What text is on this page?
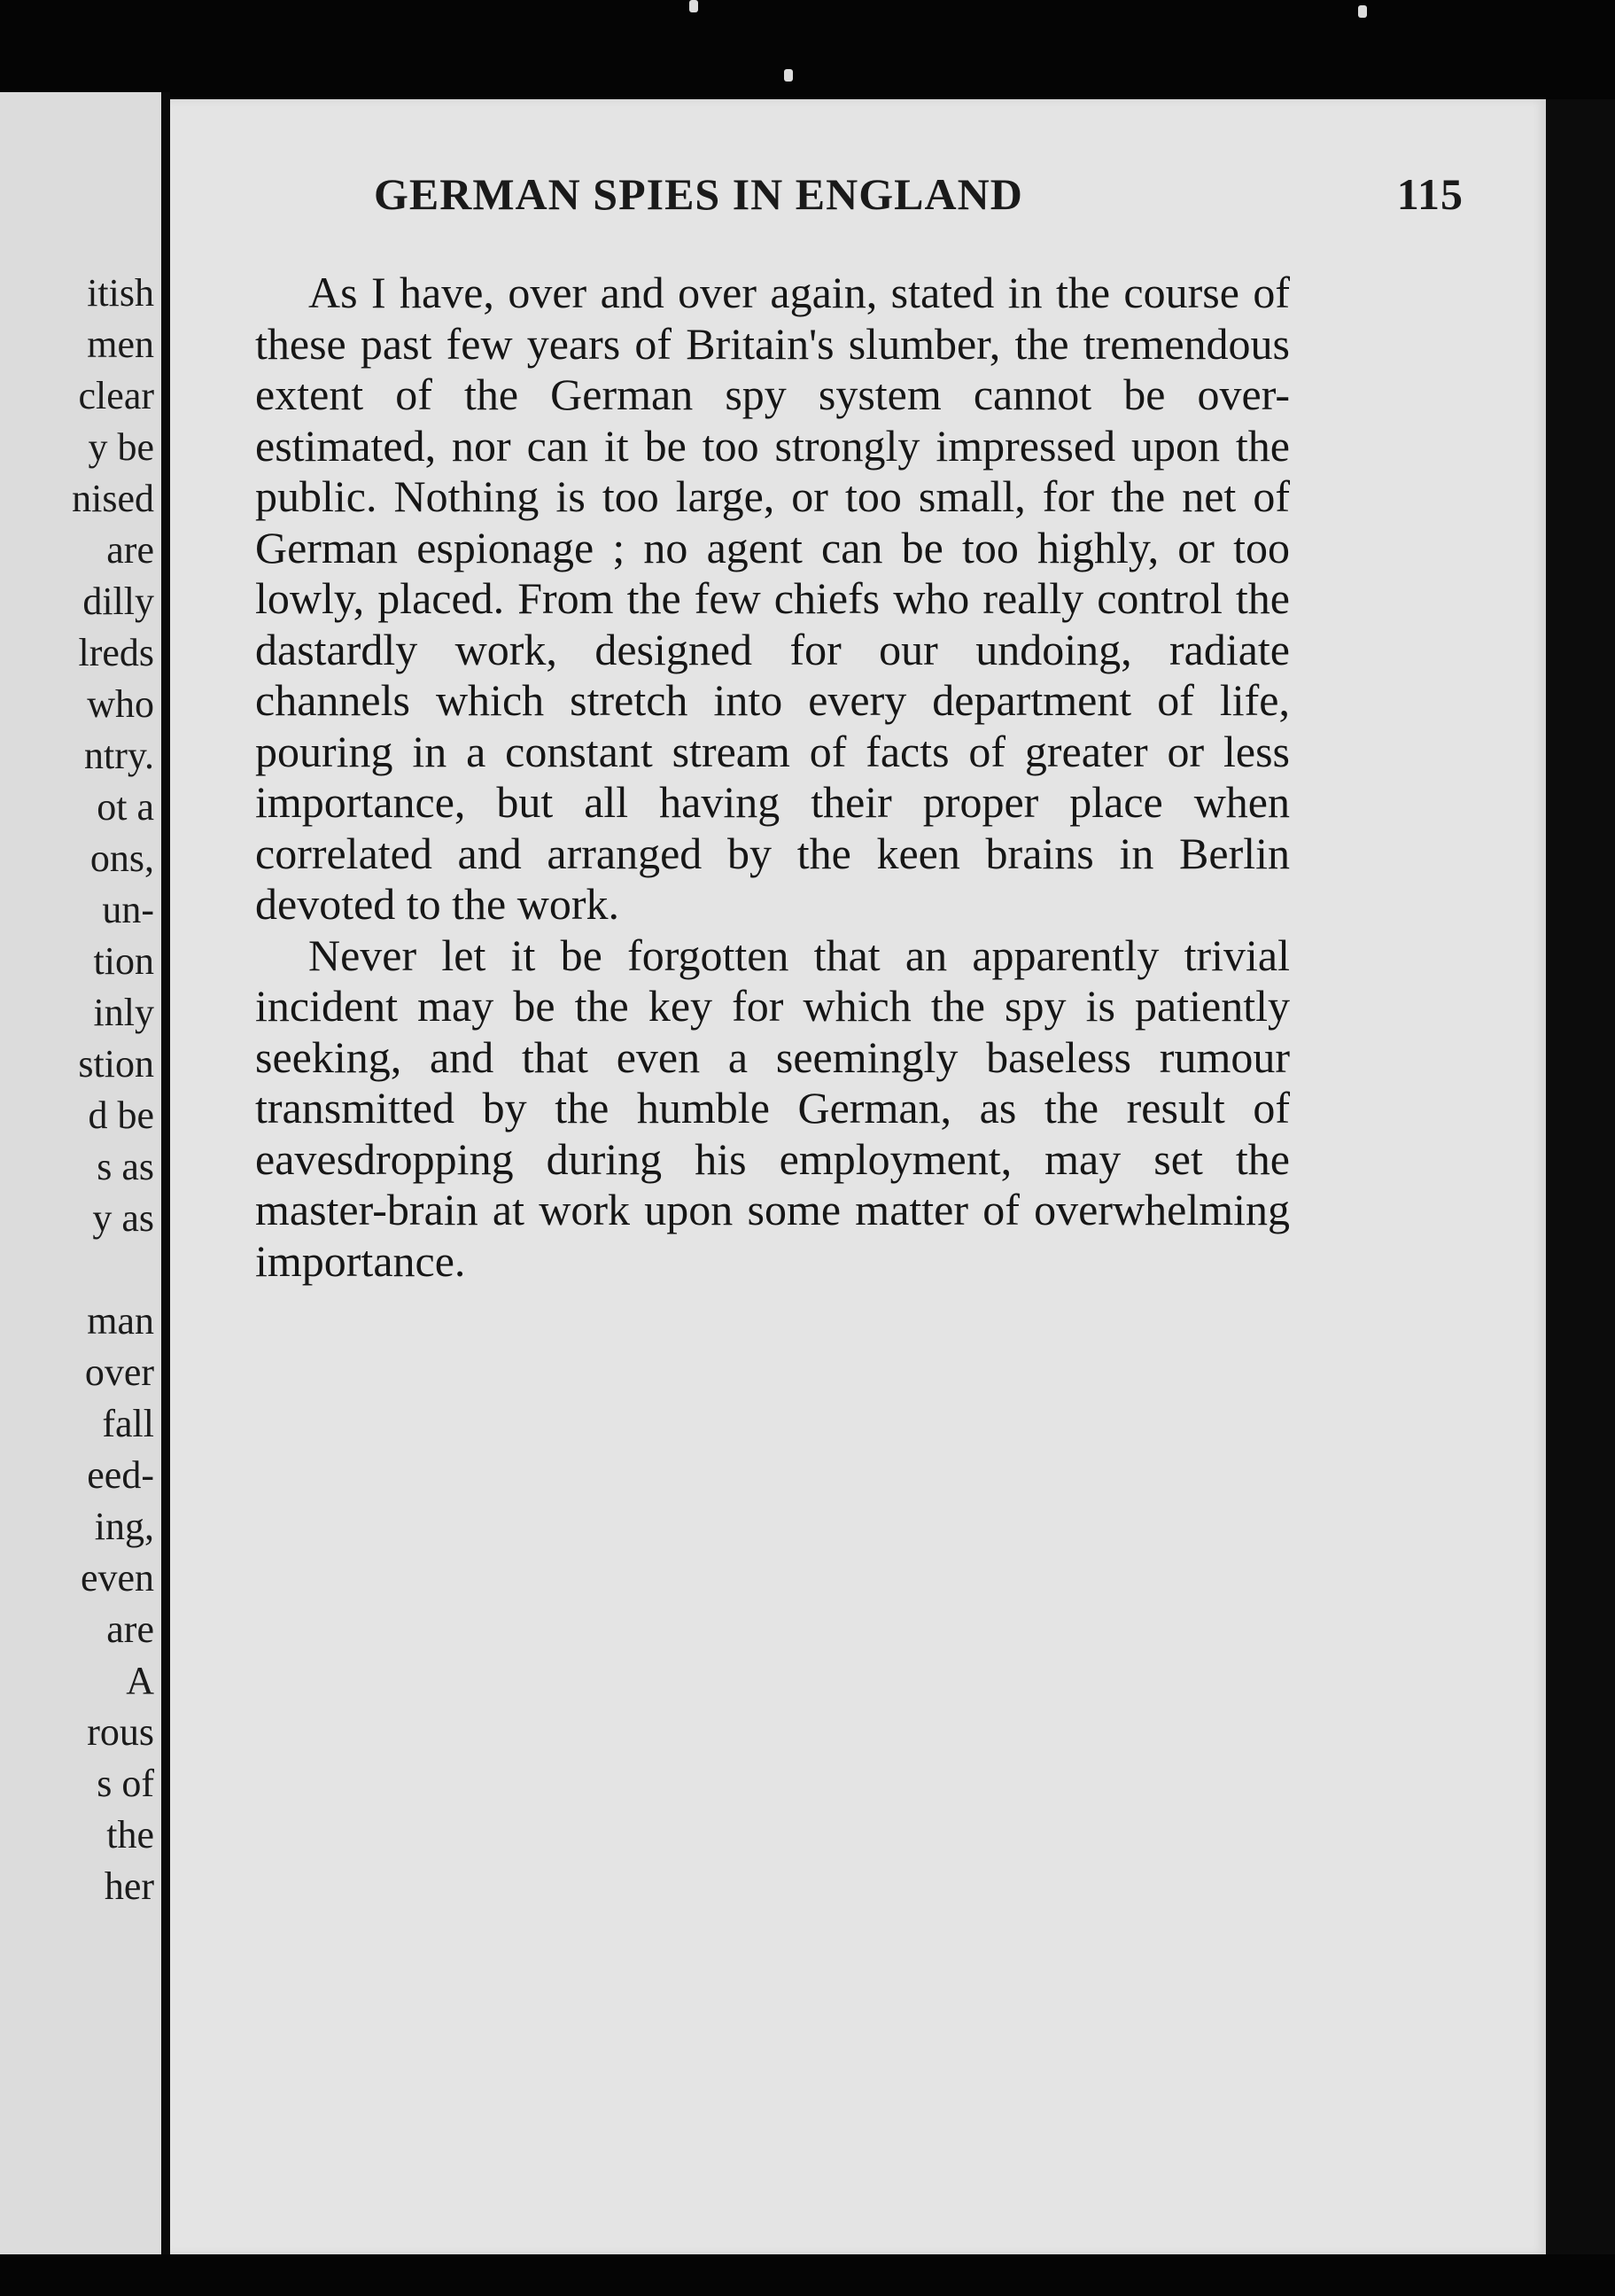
itish
men
clear
y be
nised
are
dilly
lreds
who
ntry.
ot a
ons,
un-
tion
inly
stion
d be
s as
y as
man
over
fall
eed-
ing,
even
are
A
rous
s of
the
her
GERMAN SPIES IN ENGLAND	115

As I have, over and over again, stated in the course of these past few years of Britain's slumber, the tremendous extent of the German spy system cannot be over-estimated, nor can it be too strongly impressed upon the public. Nothing is too large, or too small, for the net of German espionage ; no agent can be too highly, or too lowly, placed. From the few chiefs who really control the dastardly work, designed for our undoing, radiate channels which stretch into every department of life, pouring in a constant stream of facts of greater or less importance, but all having their proper place when correlated and arranged by the keen brains in Berlin devoted to the work.

Never let it be forgotten that an apparently trivial incident may be the key for which the spy is patiently seeking, and that even a seemingly baseless rumour transmitted by the humble German, as the result of eavesdropping during his employment, may set the master-brain at work upon some matter of overwhelming importance.
